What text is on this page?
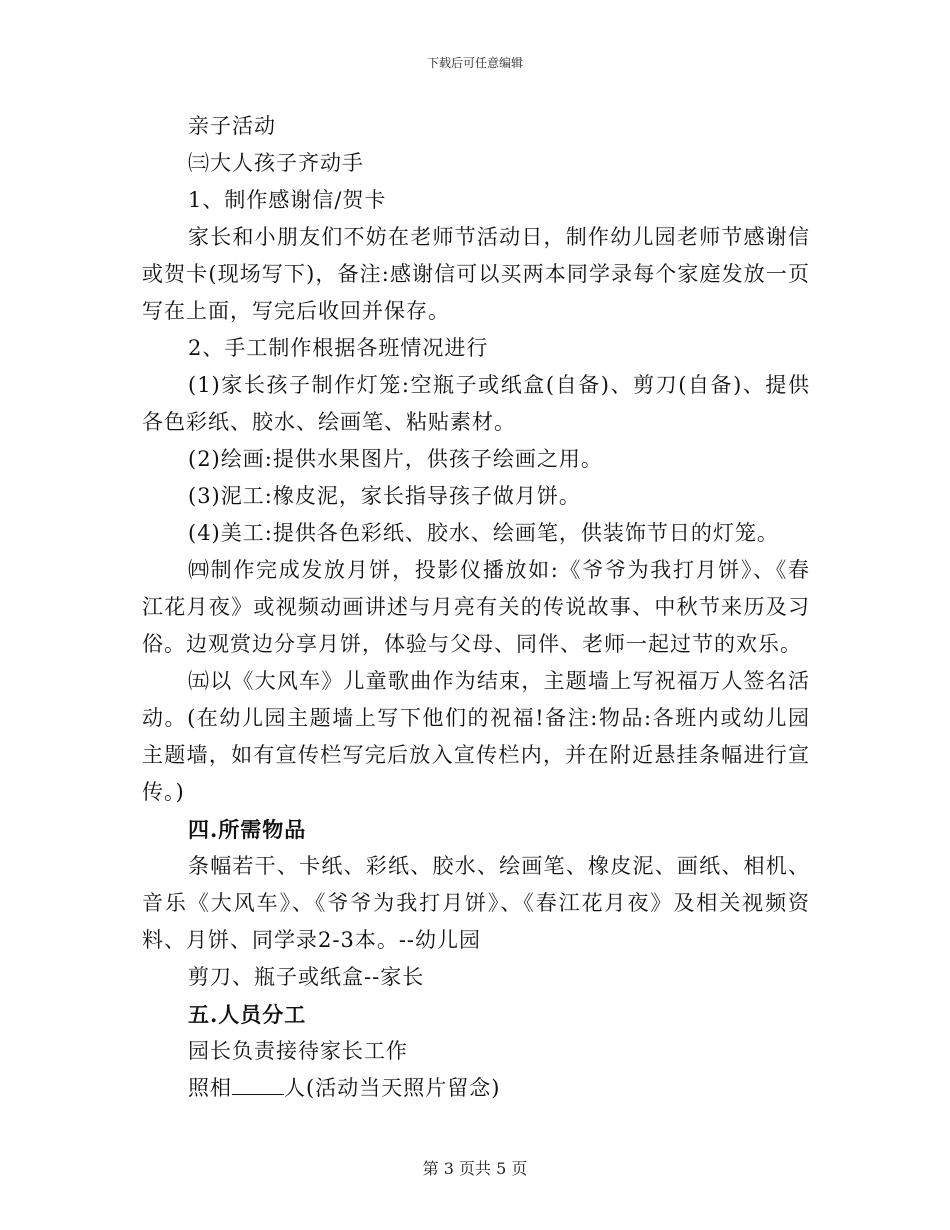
下载后可任意编辑

亲子活动

㈢大人孩子齐动手

1、制作感谢信/贺卡

家长和小朋友们不妨在老师节活动日，制作幼儿园老师节感谢信或贺卡(现场写下)，备注:感谢信可以买两本同学录每个家庭发放一页写在上面，写完后收回并保存。

2、手工制作根据各班情况进行

(1)家长孩子制作灯笼:空瓶子或纸盒(自备)、剪刀(自备)、提供各色彩纸、胶水、绘画笔、粘贴素材。

(2)绘画:提供水果图片，供孩子绘画之用。

(3)泥工:橡皮泥，家长指导孩子做月饼。

(4)美工:提供各色彩纸、胶水、绘画笔，供装饰节日的灯笼。

㈣制作完成发放月饼，投影仪播放如:《爷爷为我打月饼》、《春江花月夜》或视频动画讲述与月亮有关的传说故事、中秋节来历及习俗。边观赏边分享月饼，体验与父母、同伴、老师一起过节的欢乐。

㈤以《大风车》儿童歌曲作为结束，主题墙上写祝福万人签名活动。(在幼儿园主题墙上写下他们的祝福!备注:物品:各班内或幼儿园主题墙，如有宣传栏写完后放入宣传栏内，并在附近悬挂条幅进行宣传。)

四.所需物品

条幅若干、卡纸、彩纸、胶水、绘画笔、橡皮泥、画纸、相机、音乐《大风车》、《爷爷为我打月饼》、《春江花月夜》及相关视频资料、月饼、同学录2-3本。--幼儿园

剪刀、瓶子或纸盒--家长

五.人员分工

园长负责接待家长工作

照相 人(活动当天照片留念)

第 3 页共 5 页
